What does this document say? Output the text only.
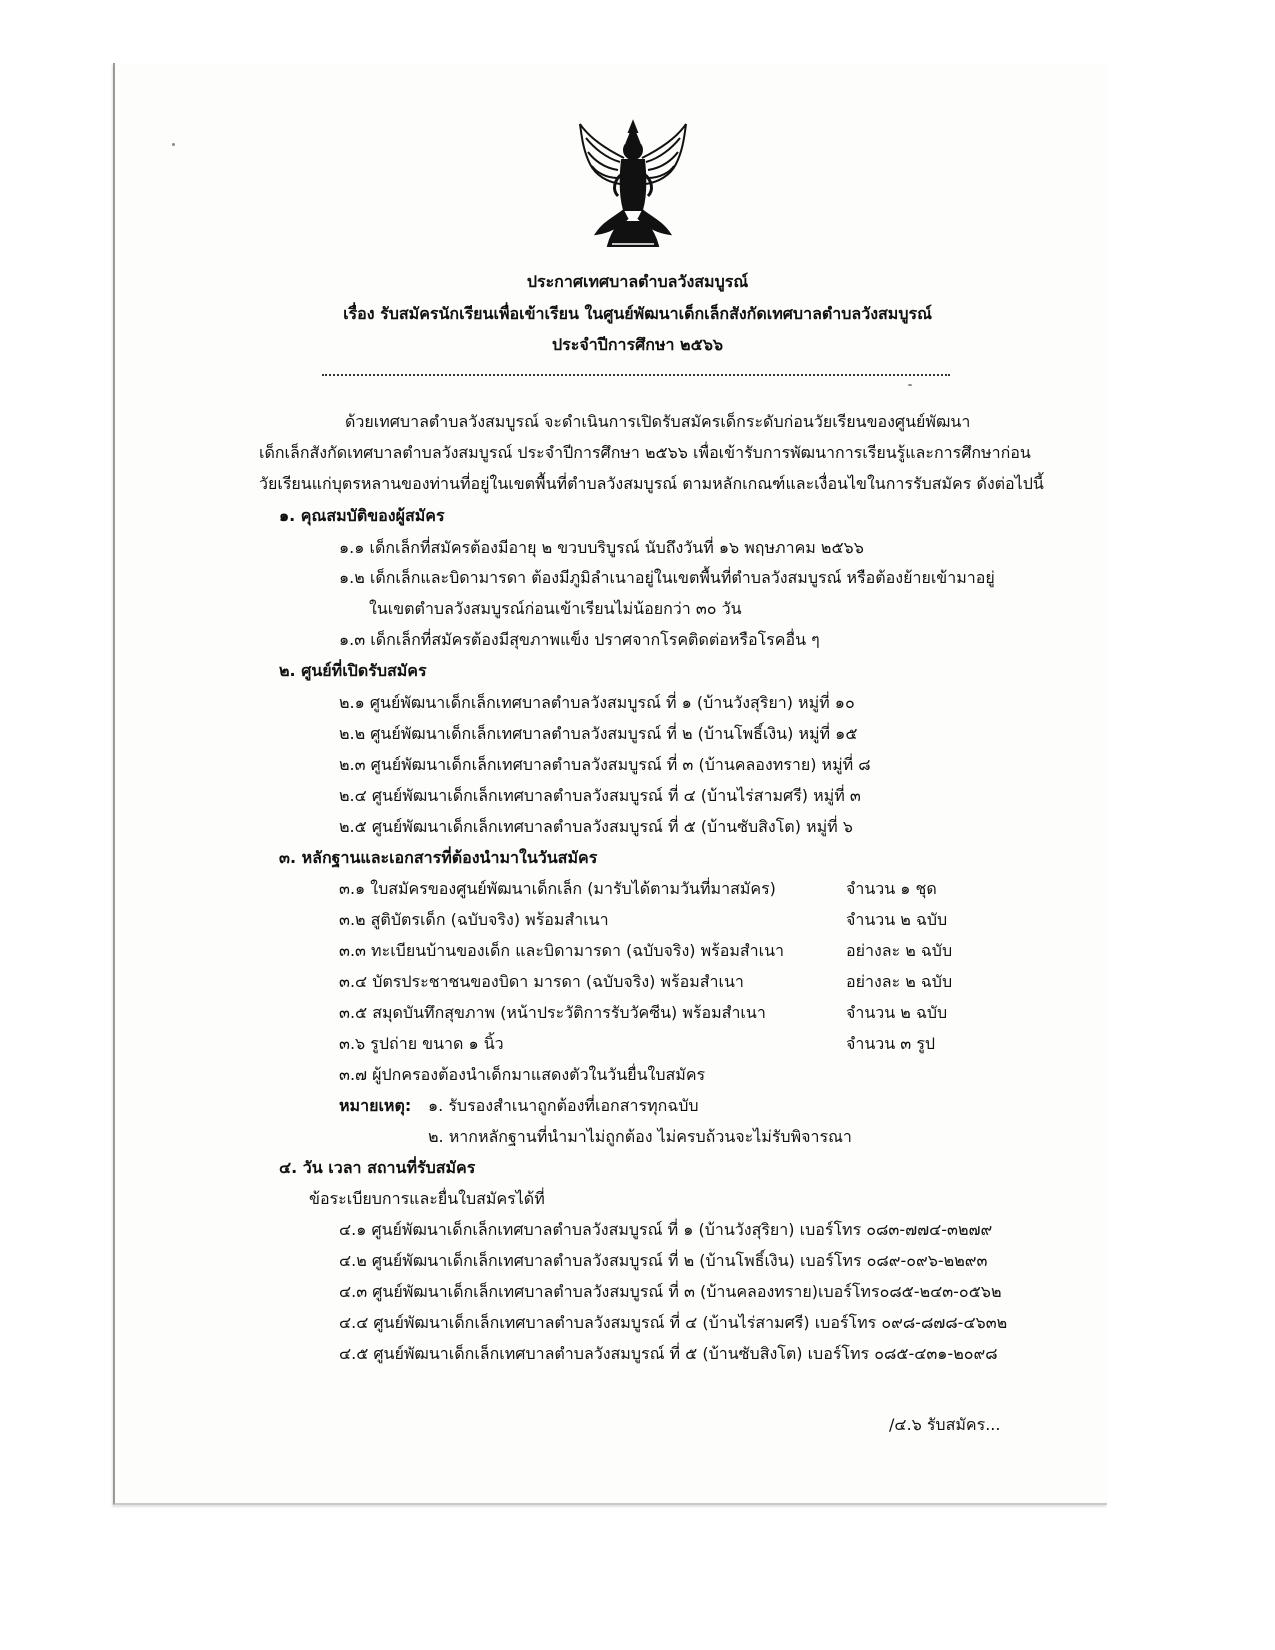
ประกาศเทศบาลตำบลวังสมบูรณ์
เรื่อง รับสมัครนักเรียนเพื่อเข้าเรียน ในศูนย์พัฒนาเด็กเล็กสังกัดเทศบาลตำบลวังสมบูรณ์
ประจำปีการศึกษา ๒๕๖๖
ด้วยเทศบาลตำบลวังสมบูรณ์ จะดำเนินการเปิดรับสมัครเด็กระดับก่อนวัยเรียนของศูนย์พัฒนา
เด็กเล็กสังกัดเทศบาลตำบลวังสมบูรณ์ ประจำปีการศึกษา ๒๕๖๖ เพื่อเข้ารับการพัฒนาการเรียนรู้และการศึกษาก่อน
วัยเรียนแก่บุตรหลานของท่านที่อยู่ในเขตพื้นที่ตำบลวังสมบูรณ์ ตามหลักเกณฑ์และเงื่อนไขในการรับสมัคร ดังต่อไปนี้
๑. คุณสมบัติของผู้สมัคร
๑.๑ เด็กเล็กที่สมัครต้องมีอายุ ๒ ขวบบริบูรณ์ นับถึงวันที่ ๑๖ พฤษภาคม ๒๕๖๖
๑.๒ เด็กเล็กและบิดามารดา ต้องมีภูมิลำเนาอยู่ในเขตพื้นที่ตำบลวังสมบูรณ์ หรือต้องย้ายเข้ามาอยู่
ในเขตตำบลวังสมบูรณ์ก่อนเข้าเรียนไม่น้อยกว่า ๓๐ วัน
๑.๓ เด็กเล็กที่สมัครต้องมีสุขภาพแข็ง ปราศจากโรคติดต่อหรือโรคอื่น ๆ
๒. ศูนย์ที่เปิดรับสมัคร
๒.๑ ศูนย์พัฒนาเด็กเล็กเทศบาลตำบลวังสมบูรณ์ ที่ ๑ (บ้านวังสุริยา) หมู่ที่ ๑๐
๒.๒ ศูนย์พัฒนาเด็กเล็กเทศบาลตำบลวังสมบูรณ์ ที่ ๒ (บ้านโพธิ์เงิน) หมู่ที่ ๑๕
๒.๓ ศูนย์พัฒนาเด็กเล็กเทศบาลตำบลวังสมบูรณ์ ที่ ๓ (บ้านคลองทราย) หมู่ที่ ๘
๒.๔ ศูนย์พัฒนาเด็กเล็กเทศบาลตำบลวังสมบูรณ์ ที่ ๔ (บ้านไร่สามศรี) หมู่ที่ ๓
๒.๕ ศูนย์พัฒนาเด็กเล็กเทศบาลตำบลวังสมบูรณ์ ที่ ๕ (บ้านซับสิงโต) หมู่ที่ ๖
๓. หลักฐานและเอกสารที่ต้องนำมาในวันสมัคร
๓.๑ ใบสมัครของศูนย์พัฒนาเด็กเล็ก (มารับได้ตามวันที่มาสมัคร)	จำนวน ๑ ชุด
๓.๒ สูติบัตรเด็ก (ฉบับจริง) พร้อมสำเนา	จำนวน ๒ ฉบับ
๓.๓ ทะเบียนบ้านของเด็ก และบิดามารดา (ฉบับจริง) พร้อมสำเนา	อย่างละ ๒ ฉบับ
๓.๔ บัตรประชาชนของบิดา มารดา (ฉบับจริง) พร้อมสำเนา	อย่างละ ๒ ฉบับ
๓.๕ สมุดบันทึกสุขภาพ (หน้าประวัติการรับวัคซีน) พร้อมสำเนา	จำนวน ๒ ฉบับ
๓.๖ รูปถ่าย ขนาด ๑ นิ้ว	จำนวน ๓ รูป
๓.๗ ผู้ปกครองต้องนำเด็กมาแสดงตัวในวันยื่นใบสมัคร
หมายเหตุ: ๑. รับรองสำเนาถูกต้องที่เอกสารทุกฉบับ
๒. หากหลักฐานที่นำมาไม่ถูกต้อง ไม่ครบถ้วนจะไม่รับพิจารณา
๔. วัน เวลา สถานที่รับสมัคร
ข้อระเบียบการและยื่นใบสมัครได้ที่
๔.๑ ศูนย์พัฒนาเด็กเล็กเทศบาลตำบลวังสมบูรณ์ ที่ ๑ (บ้านวังสุริยา) เบอร์โทร ๐๘๓-๗๗๔-๓๒๗๙
๔.๒ ศูนย์พัฒนาเด็กเล็กเทศบาลตำบลวังสมบูรณ์ ที่ ๒ (บ้านโพธิ์เงิน) เบอร์โทร ๐๘๙-๐๙๖-๒๒๙๓
๔.๓ ศูนย์พัฒนาเด็กเล็กเทศบาลตำบลวังสมบูรณ์ ที่ ๓ (บ้านคลองทราย)เบอร์โทร๐๘๕-๒๔๓-๐๕๖๒
๔.๔ ศูนย์พัฒนาเด็กเล็กเทศบาลตำบลวังสมบูรณ์ ที่ ๔ (บ้านไร่สามศรี) เบอร์โทร ๐๙๘-๘๗๘-๔๖๓๒
๔.๕ ศูนย์พัฒนาเด็กเล็กเทศบาลตำบลวังสมบูรณ์ ที่ ๕ (บ้านซับสิงโต) เบอร์โทร ๐๘๕-๔๓๑-๒๐๙๘
/๔.๖ รับสมัคร...
